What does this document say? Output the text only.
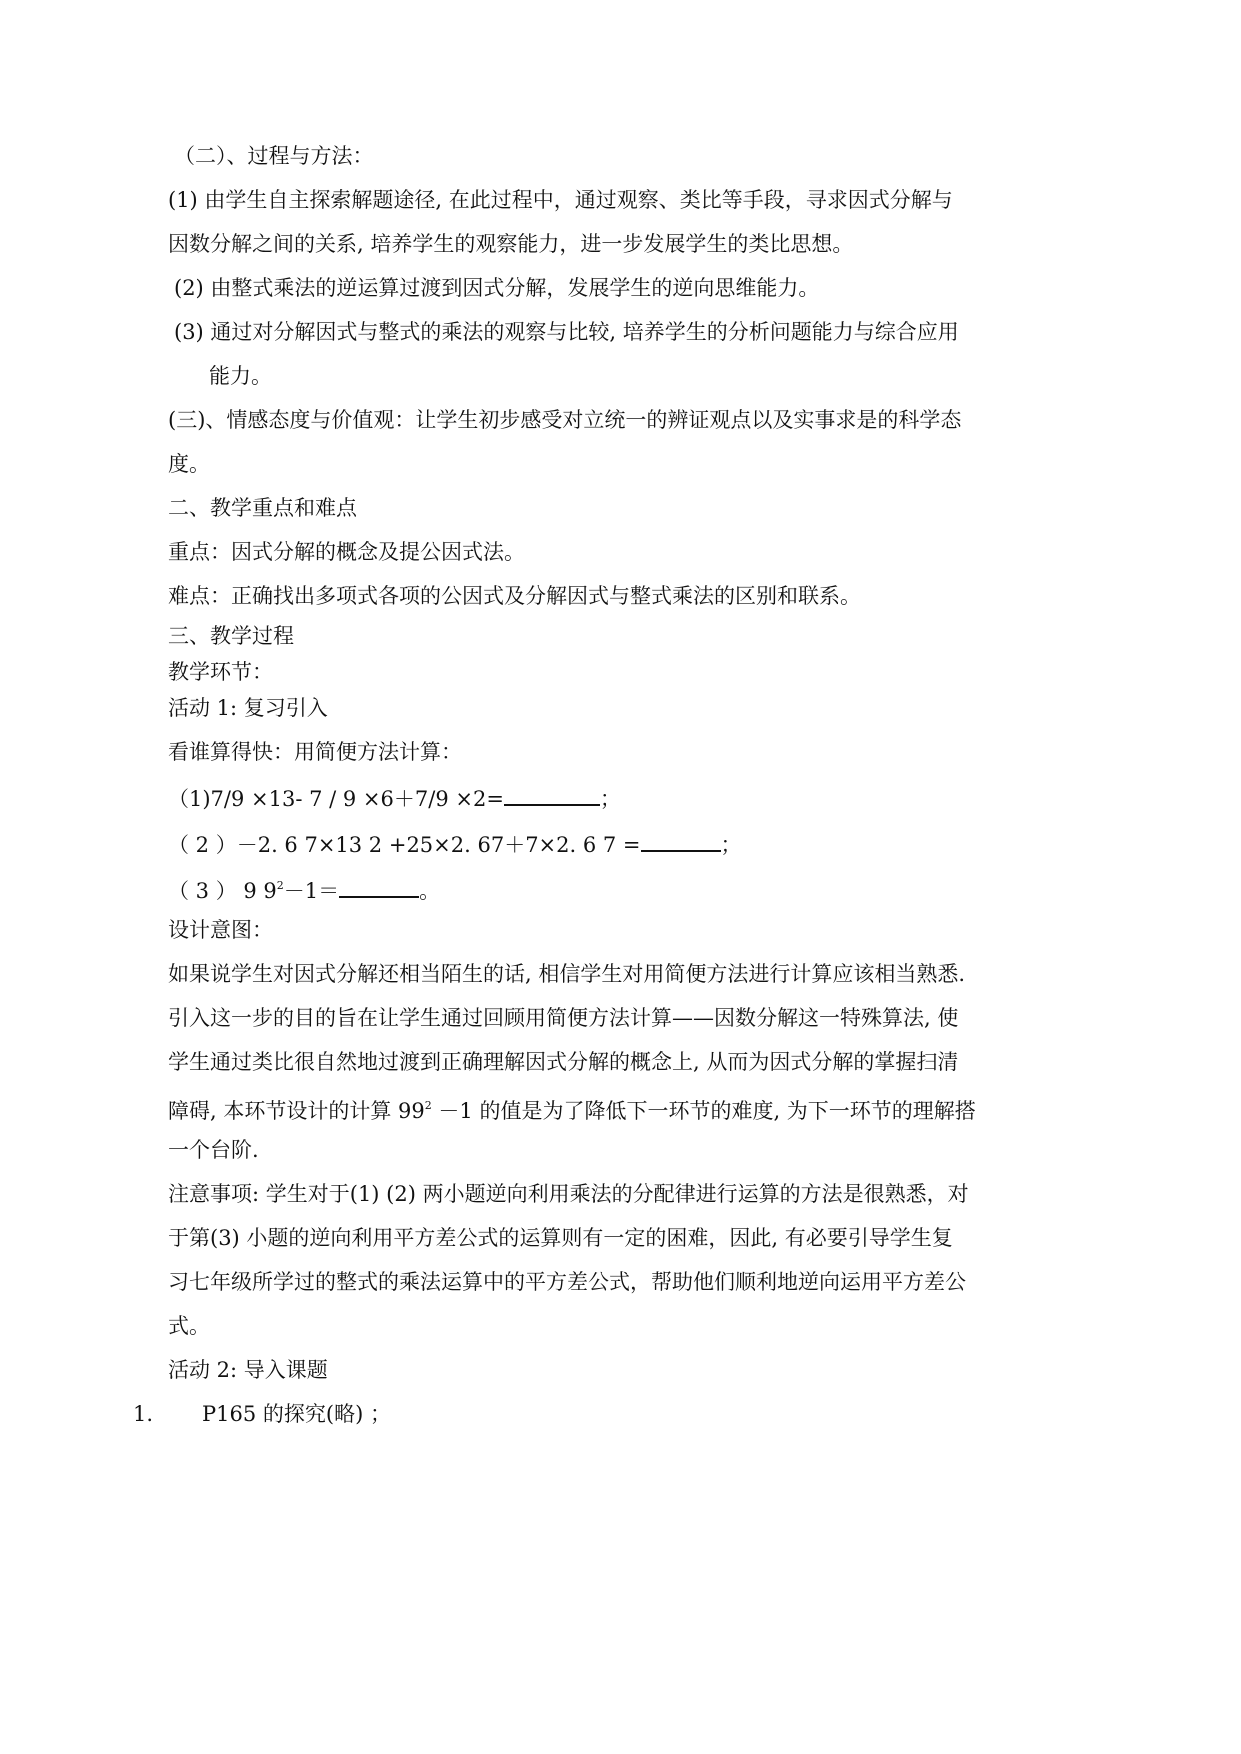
（二）、过程与方法：
(1) 由学生自主探索解题途径, 在此过程中，通过观察、类比等手段，寻求因式分解与
因数分解之间的关系, 培养学生的观察能力，进一步发展学生的类比思想。
(2) 由整式乘法的逆运算过渡到因式分解，发展学生的逆向思维能力。
(3) 通过对分解因式与整式的乘法的观察与比较, 培养学生的分析问题能力与综合应用
能力。
(三)、情感态度与价值观：让学生初步感受对立统一的辨证观点以及实事求是的科学态
度。
二、教学重点和难点
重点：因式分解的概念及提公因式法。
难点：正确找出多项式各项的公因式及分解因式与整式乘法的区别和联系。
三、教学过程
教学环节：
活动 1: 复习引入
看谁算得快：用简便方法计算：
（1)7/9 ×13- 7 / 9 ×6＋7/9 ×2=	；
（ 2 ）－2. 6 7×13 2 +25×2. 67＋7×2. 6 7 =	；
（ 3 ） 9 $9^2-1=$	。
设计意图：
如果说学生对因式分解还相当陌生的话, 相信学生对用简便方法进行计算应该相当熟悉.
引入这一步的目的旨在让学生通过回顾用简便方法计算——因数分解这一特殊算法, 使
学生通过类比很自然地过渡到正确理解因式分解的概念上, 从而为因式分解的掌握扫清
障碍, 本环节设计的计算 $99^2 -1$ 的值是为了降低下一环节的难度, 为下一环节的理解搭
一个台阶.
注意事项: 学生对于(1) (2) 两小题逆向利用乘法的分配律进行运算的方法是很熟悉，对
于第(3) 小题的逆向利用平方差公式的运算则有一定的困难，因此, 有必要引导学生复
习七年级所学过的整式的乘法运算中的平方差公式，帮助他们顺利地逆向运用平方差公
式。
活动 2: 导入课题
1. P165 的探究(略) ；
